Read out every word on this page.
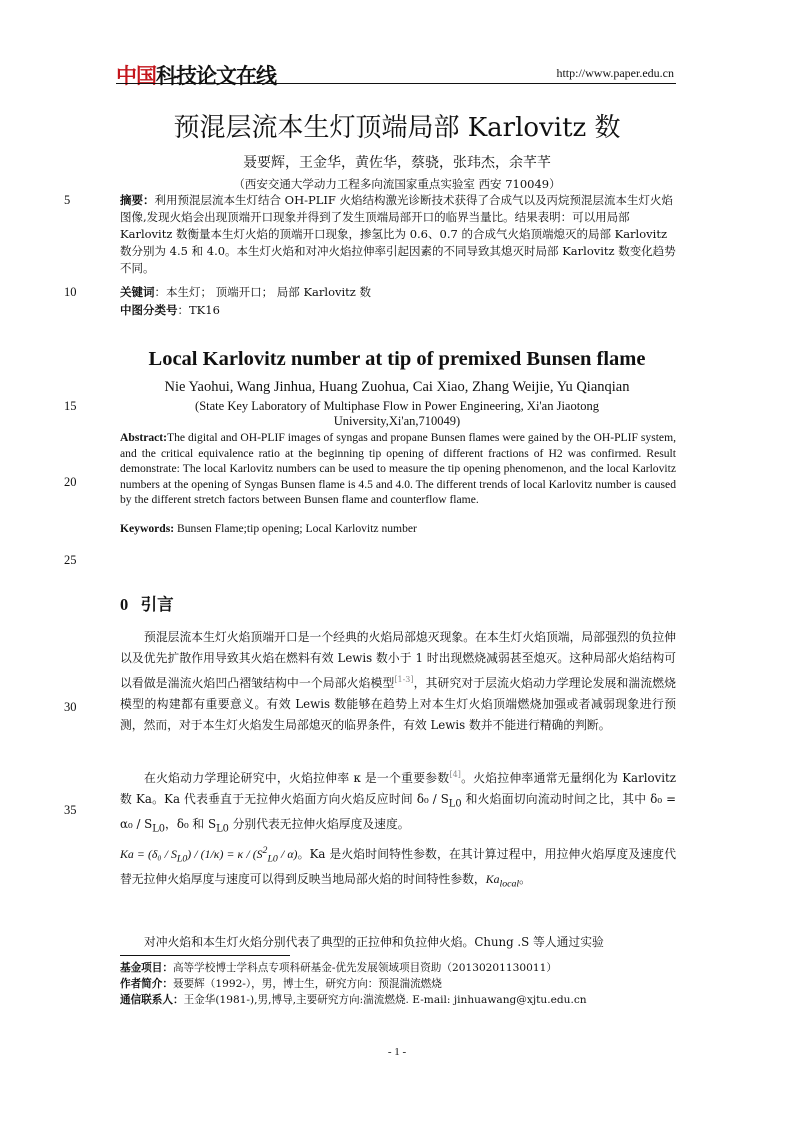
中国科技论文在线	http://www.paper.edu.cn
预混层流本生灯顶端局部 Karlovitz 数
聂要辉，王金华，黄佐华，蔡骁，张玮杰，余芊芊
（西安交通大学动力工程多向流国家重点实验室 西安 710049）
5
10
15
20
25
30
35
摘要：利用预混层流本生灯结合 OH-PLIF 火焰结构激光诊断技术获得了合成气以及丙烷预混层流本生灯火焰图像,发现火焰会出现顶端开口现象并得到了发生顶端局部开口的临界当量比。结果表明：可以用局部 Karlovitz 数衡量本生灯火焰的顶端开口现象，掺氢比为 0.6、0.7 的合成气火焰顶端熄灭的局部 Karlovitz 数分别为 4.5 和 4.0。本生灯火焰和对冲火焰拉伸率引起因素的不同导致其熄灭时局部 Karlovitz 数变化趋势不同。
关键词：本生灯； 顶端开口； 局部 Karlovitz 数
中图分类号：TK16
Local Karlovitz number at tip of premixed Bunsen flame
Nie Yaohui, Wang Jinhua, Huang Zuohua, Cai Xiao, Zhang Weijie, Yu Qianqian
(State Key Laboratory of Multiphase Flow in Power Engineering, Xi'an Jiaotong
University,Xi'an,710049)
Abstract:The digital and OH-PLIF images of syngas and propane Bunsen flames were gained by the OH-PLIF system, and the critical equivalence ratio at the beginning tip opening of different fractions of H2 was confirmed. Result demonstrate: The local Karlovitz numbers can be used to measure the tip opening phenomenon, and the local Karlovitz numbers at the opening of Syngas Bunsen flame is 4.5 and 4.0. The different trends of local Karlovitz number is caused by the different stretch factors between Bunsen flame and counterflow flame.
Keywords: Bunsen Flame;tip opening; Local Karlovitz number
0 引言
预混层流本生灯火焰顶端开口是一个经典的火焰局部熄灭现象。在本生灯火焰顶端，局部强烈的负拉伸以及优先扩散作用导致其火焰在燃料有效 Lewis 数小于 1 时出现燃烧减弱甚至熄灭。这种局部火焰结构可以看做是湍流火焰凹凸褶皱结构中一个局部火焰模型[1-3]，其研究对于层流火焰动力学理论发展和湍流燃烧模型的构建都有重要意义。有效 Lewis 数能够在趋势上对本生灯火焰顶端燃烧加强或者减弱现象进行预测，然而，对于本生灯火焰发生局部熄灭的临界条件，有效 Lewis 数并不能进行精确的判断。
在火焰动力学理论研究中，火焰拉伸率 κ 是一个重要参数[4]。火焰拉伸率通常无量纲化为 Karlovitz 数 Ka。Ka 代表垂直于无拉伸火焰面方向火焰反应时间 $\delta_0 / S_{L0}$ 和火焰面切向流动时间之比，其中 $\delta_0 = \alpha_0 / S_{L0}$，δ₀ 和 $S_{L0}$ 分别代表无拉伸火焰厚度及速度。
$Ka = (\delta_0 / S_{L0}) / (1/\kappa) = \kappa / (S^2_{L0} / \alpha)$。Ka 是火焰时间特性参数，在其计算过程中，用拉伸火焰厚度及速度代替无拉伸火焰厚度与速度可以得到反映当地局部火焰的时间特性参数，$Ka_{local}$。
对冲火焰和本生灯火焰分别代表了典型的正拉伸和负拉伸火焰。Chung .S 等人通过实验
基金项目：高等学校博士学科点专项科研基金-优先发展领域项目资助（20130201130011）
作者简介：聂要辉（1992-），男，博士生，研究方向：预混湍流燃烧
通信联系人：王金华(1981-),男,博导,主要研究方向:湍流燃烧. E-mail: jinhuawang@xjtu.edu.cn
- 1 -
